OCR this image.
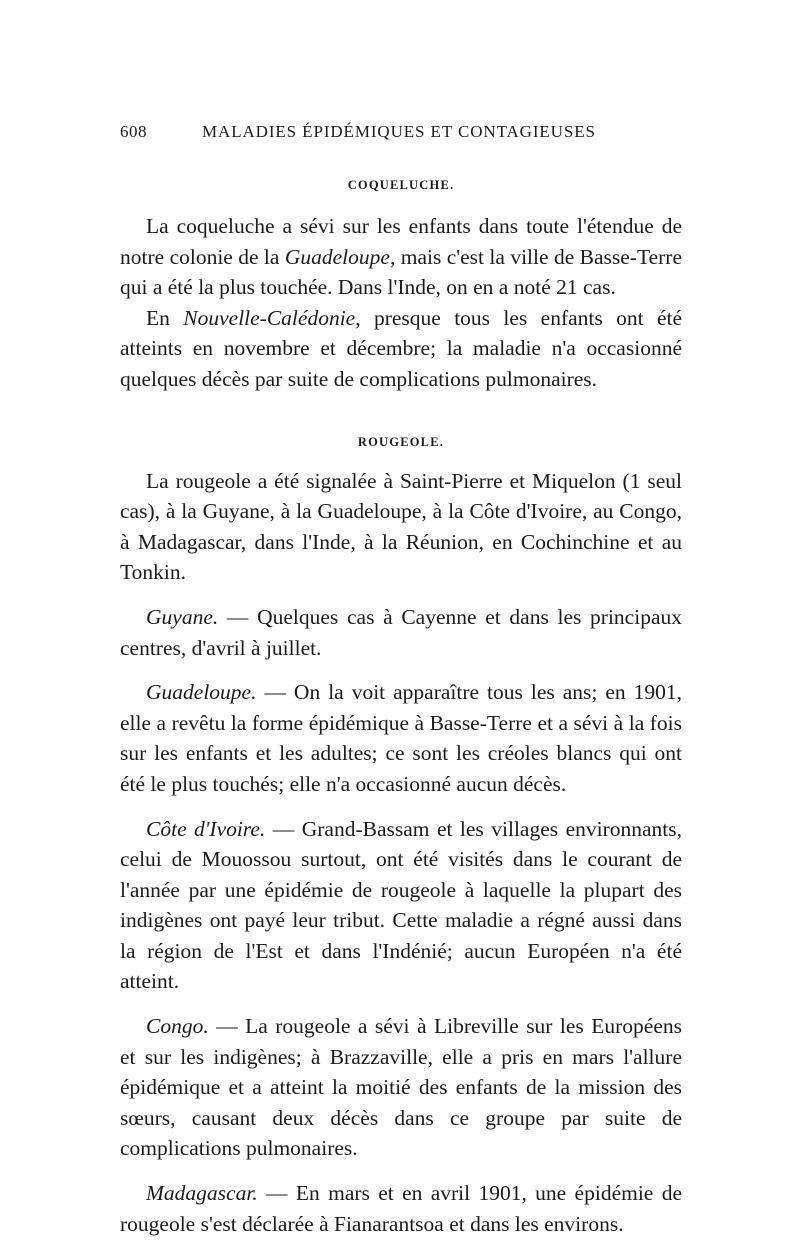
608	MALADIES ÉPIDÉMIQUES ET CONTAGIEUSES
COQUELUCHE.

La coqueluche a sévi sur les enfants dans toute l'étendue de notre colonie de la Guadeloupe, mais c'est la ville de Basse-Terre qui a été la plus touchée. Dans l'Inde, on en a noté 21 cas.

En Nouvelle-Calédonie, presque tous les enfants ont été atteints en novembre et décembre; la maladie n'a occasionné quelques décès par suite de complications pulmonaires.

ROUGEOLE.

La rougeole a été signalée à Saint-Pierre et Miquelon (1 seul cas), à la Guyane, à la Guadeloupe, à la Côte d'Ivoire, au Congo, à Madagascar, dans l'Inde, à la Réunion, en Cochinchine et au Tonkin.

Guyane. — Quelques cas à Cayenne et dans les principaux centres, d'avril à juillet.

Guadeloupe. — On la voit apparaître tous les ans; en 1901, elle a revêtu la forme épidémique à Basse-Terre et a sévi à la fois sur les enfants et les adultes; ce sont les créoles blancs qui ont été le plus touchés; elle n'a occasionné aucun décès.

Côte d'Ivoire. — Grand-Bassam et les villages environnants, celui de Mouossou surtout, ont été visités dans le courant de l'année par une épidémie de rougeole à laquelle la plupart des indigènes ont payé leur tribut. Cette maladie a régné aussi dans la région de l'Est et dans l'Indénié; aucun Européen n'a été atteint.

Congo. — La rougeole a sévi à Libreville sur les Européens et sur les indigènes; à Brazzaville, elle a pris en mars l'allure épidémique et a atteint la moitié des enfants de la mission des sœurs, causant deux décès dans ce groupe par suite de complications pulmonaires.

Madagascar. — En mars et en avril 1901, une épidémie de rougeole s'est déclarée à Fianarantsoa et dans les environs.
